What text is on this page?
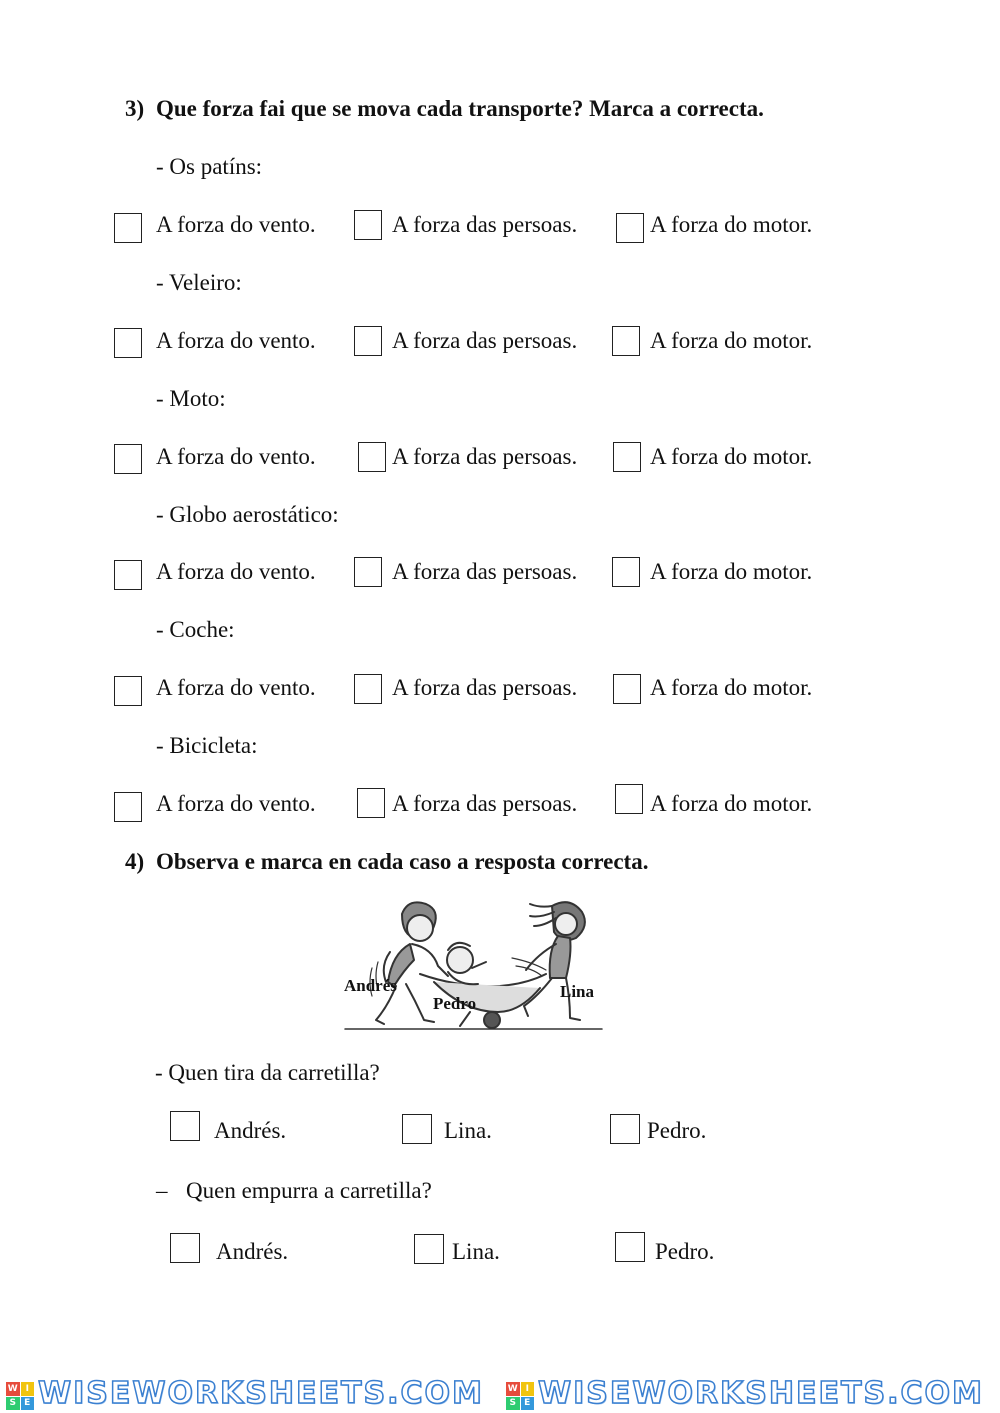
3) Que forza fai que se mova cada transporte? Marca a correcta.
- Os patíns:
A forza do vento.	A forza das persoas.	A forza do motor.
- Veleiro:
A forza do vento.	A forza das persoas.	A forza do motor.
- Moto:
A forza do vento.	A forza das persoas.	A forza do motor.
- Globo aerostático:
A forza do vento.	A forza das persoas.	A forza do motor.
- Coche:
A forza do vento.	A forza das persoas.	A forza do motor.
- Bicicleta:
A forza do vento.	A forza das persoas.	A forza do motor.
4) Observa e marca en cada caso a resposta correcta.
Andrés
Pedro
Lina
- Quen tira da carretilla?
Andrés.	Lina.	Pedro.
– Quen empurra a carretilla?
Andrés.	Lina.	Pedro.
W I
S E WISEWORKSHEETS.COM	W I
S E WISEWORKSHEETS.COM
